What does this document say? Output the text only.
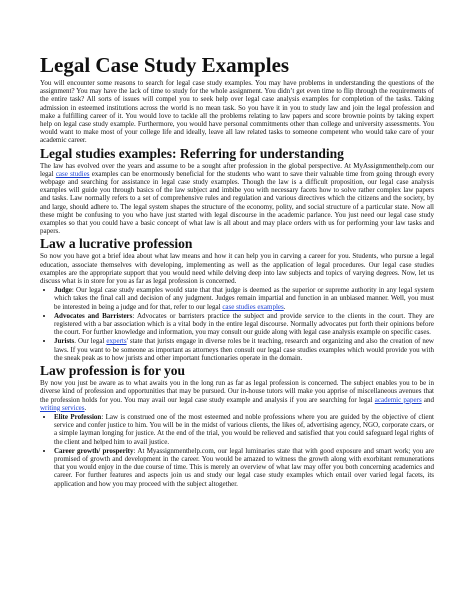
Legal Case Study Examples

You will encounter some reasons to search for legal case study examples. You may have problems in understanding the questions of the assignment? You may have the lack of time to study for the whole assignment. You didn’t get even time to flip through the requirements of the entire task? All sorts of issues will compel you to seek help over legal case analysis examples for completion of the tasks. Taking admission in esteemed institutions across the world is no mean task. So you have it in you to study law and join the legal profession and make a fulfilling career of it. You would love to tackle all the problems relating to law papers and score brownie points by taking expert help on legal case study example. Furthermore, you would have personal commitments other than college and university assessments. You would want to make most of your college life and ideally, leave all law related tasks to someone competent who would take care of your academic career.

Legal studies examples: Referring for understanding

The law has evolved over the years and assume to be a sought after profession in the global perspective. At MyAssignmenthelp.com our legal case studies examples can be enormously beneficial for the students who want to save their valuable time from going through every webpage and searching for assistance in legal case study examples. Though the law is a difficult proposition, our legal case analysis examples will guide you through basics of the law subject and imbibe you with necessary facets how to solve rather complex law papers and tasks. Law normally refers to a set of comprehensive rules and regulation and various directives which the citizens and the society, by and large, should adhere to. The legal system shapes the structure of the economy, polity, and social structure of a particular state. Now all these might be confusing to you who have just started with legal discourse in the academic parlance. You just need our legal case study examples so that you could have a basic concept of what law is all about and may place orders with us for performing your law tasks and papers.

Law a lucrative profession

So now you have got a brief idea about what law means and how it can help you in carving a career for you. Students, who pursue a legal education, associate themselves with developing, implementing as well as the application of legal procedures. Our legal case studies examples are the appropriate support that you would need while delving deep into law subjects and topics of varying degrees. Now, let us discuss what is in store for you as far as legal profession is concerned.

• Judge: Our legal case study examples would state that that judge is deemed as the superior or supreme authority in any legal system which takes the final call and decision of any judgment. Judges remain impartial and function in an unbiased manner. Well, you must be interested in being a judge and for that, refer to our legal case studies examples.
• Advocates and Barristers: Advocates or barristers practice the subject and provide service to the clients in the court. They are registered with a bar association which is a vital body in the entire legal discourse. Normally advocates put forth their opinions before the court. For further knowledge and information, you may consult our guide along with legal case analysis example on specific cases.
• Jurists. Our legal experts' state that jurists engage in diverse roles be it teaching, research and organizing and also the creation of new laws. If you want to be someone as important as attorneys then consult our legal case studies examples which would provide you with the sneak peak as to how jurists and other important functionaries operate in the domain.
Law profession is for you

By now you just be aware as to what awaits you in the long run as far as legal profession is concerned. The subject enables you to be in diverse kind of profession and opportunities that may be pursued. Our in-house tutors will make you apprise of miscellaneous avenues that the profession holds for you. You may avail our legal case study example and analysis if you are searching for legal academic papers and writing services.

• Elite Profession: Law is construed one of the most esteemed and noble professions where you are guided by the objective of client service and confer justice to him. You will be in the midst of various clients, the likes of, advertising agency, NGO, corporate czars, or a simple layman longing for justice. At the end of the trial, you would be relieved and satisfied that you could safeguard legal rights of the client and helped him to avail justice.
• Career growth/ prosperity: At Myassignmenthelp.com, our legal luminaries state that with good exposure and smart work; you are promised of growth and development in the career. You would be amazed to witness the growth along with exorbitant remunerations that you would enjoy in the due course of time. This is merely an overview of what law may offer you both concerning academics and career. For further features and aspects join us and study our legal case study examples which entail over varied legal facets, its application and how you may proceed with the subject altogether.
